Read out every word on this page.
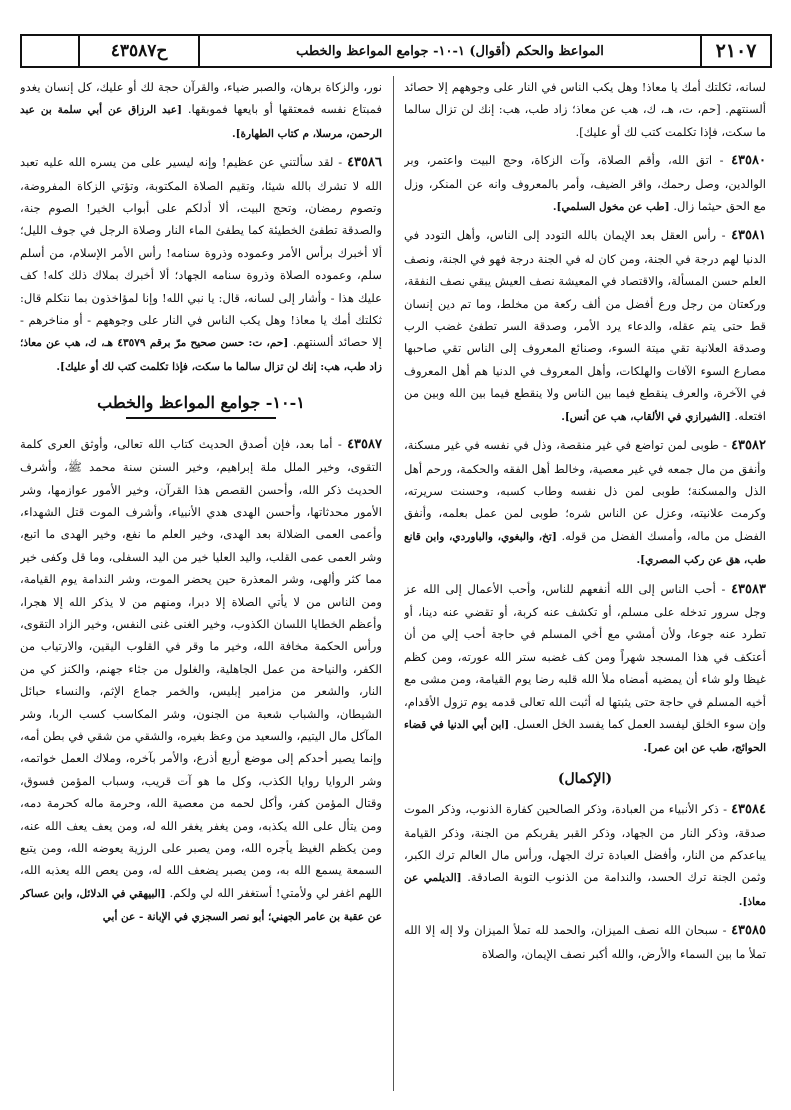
٢١٠٧
المواعظ والحكم (أقوال) ١-١٠- جوامع المواعظ والخطب
ح٤٣٥٨٧

لسانه، ثكلتك أمك يا معاذ! وهل يكب الناس في النار على وجوههم إلا حصائد ألسنتهم. [حم، ت، هـ، ك، هب عن معاذ؛ زاد طب، هب: إنك لن تزال سالما ما سكت، فإذا تكلمت كتب لك أو عليك].

٤٣٥٨٠ - اتق الله، وأقم الصلاة، وآت الزكاة، وحج البيت واعتمر، وبر الوالدين، وصل رحمك، واقر الضيف، وأمر بالمعروف وانه عن المنكر، وزل مع الحق حيثما زال. [طب عن مخول السلمي].

٤٣٥٨١ - رأس العقل بعد الإيمان بالله التودد إلى الناس، وأهل التودد في الدنيا لهم درجة في الجنة، ومن كان له في الجنة درجة فهو في الجنة، ونصف العلم حسن المسألة، والاقتصاد في المعيشة نصف العيش يبقي نصف النفقة، وركعتان من رجل ورع أفضل من ألف ركعة من مخلط، وما تم دين إنسان قط حتى يتم عقله، والدعاء يرد الأمر، وصدقة السر تطفئ غضب الرب وصدقة العلانية تقي ميتة السوء، وصنائع المعروف إلى الناس تقي صاحبها مصارع السوء الآفات والهلكات، وأهل المعروف في الدنيا هم أهل المعروف في الآخرة، والعرف ينقطع فيما بين الناس ولا ينقطع فيما بين الله وبين من افتعله. [الشيرازي في الألقاب، هب عن أنس].

٤٣٥٨٢ - طوبى لمن تواضع في غير منقصة، وذل في نفسه في غير مسكنة، وأنفق من مال جمعه في غير معصية، وخالط أهل الفقه والحكمة، ورحم أهل الذل والمسكنة؛ طوبى لمن ذل نفسه وطاب كسبه، وحسنت سريرته، وكرمت علانيته، وعزل عن الناس شره؛ طوبى لمن عمل بعلمه، وأنفق الفضل من ماله، وأمسك الفضل من قوله. [تخ، والبغوي، والباوردي، وابن قانع طب، هق عن ركب المصري].

٤٣٥٨٣ - أحب الناس إلى الله أنفعهم للناس، وأحب الأعمال إلى الله عز وجل سرور تدخله على مسلم، أو تكشف عنه كربة، أو تقضي عنه دينا، أو تطرد عنه جوعا، ولأن أمشي مع أخي المسلم في حاجة أحب إلي من أن أعتكف في هذا المسجد شهراً ومن كف غضبه ستر الله عورته، ومن كظم غيظا ولو شاء أن يمضيه أمضاه ملأ الله قلبه رضا يوم القيامة، ومن مشى مع أخيه المسلم في حاجة حتى يثبتها له أثبت الله تعالى قدمه يوم تزول الأقدام، وإن سوء الخلق ليفسد العمل كما يفسد الخل العسل. [ابن أبي الدنيا في قضاء الحوائج، طب عن ابن عمر].

(الإكمال)

٤٣٥٨٤ - ذكر الأنبياء من العبادة، وذكر الصالحين كفارة الذنوب، وذكر الموت صدقة، وذكر النار من الجهاد، وذكر القبر يقربكم من الجنة، وذكر القيامة يباعدكم من النار، وأفضل العبادة ترك الجهل، ورأس مال العالم ترك الكبر، وثمن الجنة ترك الحسد، والندامة من الذنوب التوبة الصادقة. [الديلمي عن معاذ].

٤٣٥٨٥ - سبحان الله نصف الميزان، والحمد لله تملأ الميزان ولا إله إلا الله تملأ ما بين السماء والأرض، والله أكبر نصف الإيمان، والصلاة

نور، والزكاة برهان، والصبر ضياء، والقرآن حجة لك أو عليك، كل إنسان يغدو فمبتاع نفسه فمعتقها أو بايعها فموبقها. [عبد الرزاق عن أبي سلمة بن عبد الرحمن، مرسلا، م كتاب الطهارة].

٤٣٥٨٦ - لقد سألتني عن عظيم! وإنه ليسير على من يسره الله عليه تعبد الله لا تشرك بالله شيئا، وتقيم الصلاة المكتوبة، وتؤتي الزكاة المفروضة، وتصوم رمضان، وتحج البيت، ألا أدلكم على أبواب الخير! الصوم جنة، والصدقة تطفئ الخطيئة كما يطفئ الماء النار وصلاة الرجل في جوف الليل؛ ألا أخبرك برأس الأمر وعموده وذروة سنامه! رأس الأمر الإسلام، من أسلم سلم، وعموده الصلاة وذروة سنامه الجهاد؛ ألا أخبرك بملاك ذلك كله! كف عليك هذا - وأشار إلى لسانه، قال: يا نبي الله! وإنا لمؤاخذون بما نتكلم قال: ثكلتك أمك يا معاذ! وهل يكب الناس في النار على وجوههم - أو مناخرهم - إلا حصائد ألسنتهم. [حم، ت: حسن صحيح مرّ برقم ٤٣٥٧٩ هـ، ك، هب عن معاذ؛ زاد طب، هب: إنك لن تزال سالما ما سكت، فإذا تكلمت كتب لك أو عليك].

١-١٠- جوامع المواعظ والخطب

٤٣٥٨٧ - أما بعد، فإن أصدق الحديث كتاب الله تعالى، وأوثق العرى كلمة التقوى، وخير الملل ملة إبراهيم، وخير السنن سنة محمد ﷺ، وأشرف الحديث ذكر الله، وأحسن القصص هذا القرآن، وخير الأمور عوازمها، وشر الأمور محدثاتها، وأحسن الهدى هدي الأنبياء، وأشرف الموت قتل الشهداء، وأعمى العمى الضلالة بعد الهدى، وخير العلم ما نفع، وخير الهدى ما اتبع، وشر العمى عمى القلب، واليد العليا خير من اليد السفلى، وما قل وكفى خير مما كثر وألهى، وشر المعذرة حين يحضر الموت، وشر الندامة يوم القيامة، ومن الناس من لا يأتي الصلاة إلا دبرا، ومنهم من لا يذكر الله إلا هجرا، وأعظم الخطايا اللسان الكذوب، وخير الغنى غنى النفس، وخير الزاد التقوى، ورأس الحكمة مخافة الله، وخير ما وقر في القلوب اليقين، والارتياب من الكفر، والنياحة من عمل الجاهلية، والغلول من جثاء جهنم، والكنز كي من النار، والشعر من مزامير إبليس، والخمر جماع الإثم، والنساء حبائل الشيطان، والشباب شعبة من الجنون، وشر المكاسب كسب الربا، وشر المآكل مال اليتيم، والسعيد من وعظ بغيره، والشقي من شقي في بطن أمه، وإنما يصير أحدكم إلى موضع أربع أذرع، والأمر بآخره، وملاك العمل خواتمه، وشر الروايا روايا الكذب، وكل ما هو آت قريب، وسباب المؤمن فسوق، وقتال المؤمن كفر، وأكل لحمه من معصية الله، وحرمة ماله كحرمة دمه، ومن يتأل على الله يكذبه، ومن يغفر يغفر الله له، ومن يعف يعف الله عنه، ومن يكظم الغيظ يأجره الله، ومن يصبر على الرزية يعوضه الله، ومن يتبع السمعة يسمع الله به، ومن يصبر يضعف الله له، ومن يعص الله يعذبه الله، اللهم اغفر لي ولأمتي! أستغفر الله لي ولكم. [البيهقي في الدلائل، وابن عساكر عن عقبة بن عامر الجهني؛ أبو نصر السجزي في الإبانة - عن أبي
